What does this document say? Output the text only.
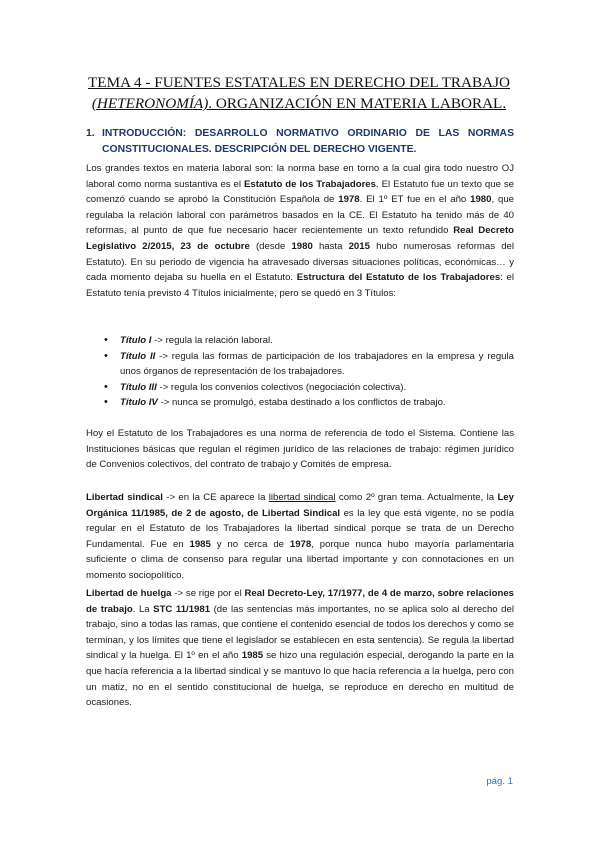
TEMA 4 - FUENTES ESTATALES EN DERECHO DEL TRABAJO
(HETERONOMÍA). ORGANIZACIÓN EN MATERIA LABORAL.
1. INTRODUCCIÓN: DESARROLLO NORMATIVO ORDINARIO DE LAS NORMAS CONSTITUCIONALES. DESCRIPCIÓN DEL DERECHO VIGENTE.

Los grandes textos en materia laboral son: la norma base en torno a la cual gira todo nuestro OJ laboral como norma sustantiva es el Estatuto de los Trabajadores. El Estatuto fue un texto que se comenzó cuando se aprobó la Constitución Española de 1978. El 1º ET fue en el año 1980, que regulaba la relación laboral con parámetros basados en la CE. El Estatuto ha tenido más de 40 reformas, al punto de que fue necesario hacer recientemente un texto refundido Real Decreto Legislativo 2/2015, 23 de octubre (desde 1980 hasta 2015 hubo numerosas reformas del Estatuto). En su periodo de vigencia ha atravesado diversas situaciones políticas, económicas… y cada momento dejaba su huella en el Estatuto. Estructura del Estatuto de los Trabajadores: el Estatuto tenía previsto 4 Títulos inicialmente, pero se quedó en 3 Títulos:

• Título I -> regula la relación laboral.
• Título II -> regula las formas de participación de los trabajadores en la empresa y regula unos órganos de representación de los trabajadores.
• Título III -> regula los convenios colectivos (negociación colectiva).
• Título IV -> nunca se promulgó, estaba destinado a los conflictos de trabajo.

Hoy el Estatuto de los Trabajadores es una norma de referencia de todo el Sistema. Contiene las Instituciones básicas que regulan el régimen jurídico de las relaciones de trabajo: régimen jurídico de Convenios colectivos, del contrato de trabajo y Comités de empresa.

Libertad sindical -> en la CE aparece la libertad sindical como 2º gran tema. Actualmente, la Ley Orgánica 11/1985, de 2 de agosto, de Libertad Sindical es la ley que está vigente, no se podía regular en el Estatuto de los Trabajadores la libertad sindical porque se trata de un Derecho Fundamental. Fue en 1985 y no cerca de 1978, porque nunca hubo mayoría parlamentaria suficiente o clima de consenso para regular una libertad importante y con connotaciones en un momento sociopolítico.

Libertad de huelga -> se rige por el Real Decreto-Ley, 17/1977, de 4 de marzo, sobre relaciones de trabajo. La STC 11/1981 (de las sentencias más importantes, no se aplica solo al derecho del trabajo, sino a todas las ramas, que contiene el contenido esencial de todos los derechos y como se terminan, y los límites que tiene el legislador se establecen en esta sentencia). Se regula la libertad sindical y la huelga. El 1º en el año 1985 se hizo una regulación especial, derogando la parte en la que hacía referencia a la libertad sindical y se mantuvo lo que hacía referencia a la huelga, pero con un matiz, no en el sentido constitucional de huelga, se reproduce en derecho en multitud de ocasiones.

pág. 1
